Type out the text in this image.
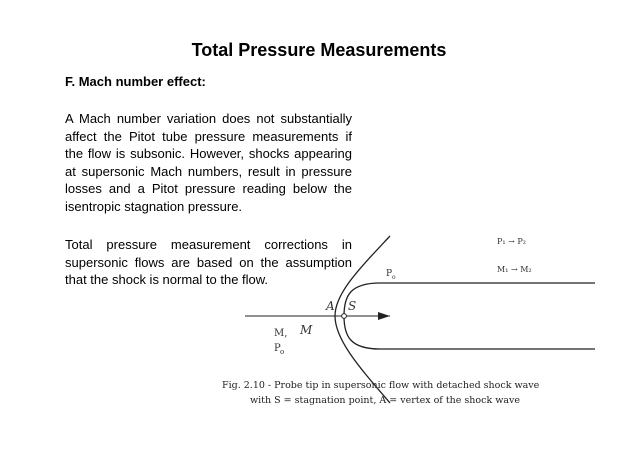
Total Pressure Measurements
F. Mach number effect:
A Mach number variation does not substantially affect the Pitot tube pressure measurements if the flow is subsonic. However, shocks appearing at supersonic Mach numbers, result in pressure losses and a Pitot pressure reading below the isentropic stagnation pressure.
Total pressure measurement corrections in supersonic flows are based on the assumption that the shock is normal to the flow.
A S
M
M,
P o
P o
P₁ → P₂
M₁ → M₂
Fig. 2.10 - Probe tip in supersonic flow with detached shock wave
with S = stagnation point, A = vertex of the shock wave
